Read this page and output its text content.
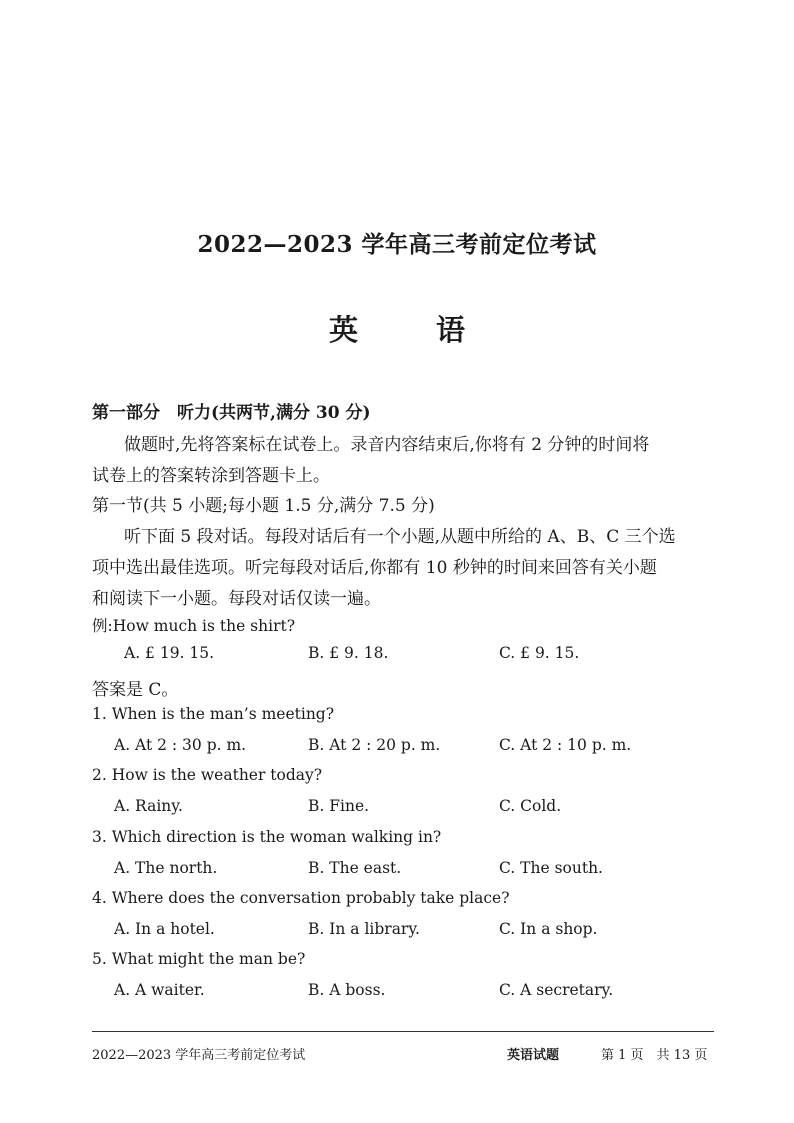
2022—2023 学年高三考前定位考试
英 语
第一部分　听力(共两节,满分 30 分)
做题时,先将答案标在试卷上。录音内容结束后,你将有 2 分钟的时间将
试卷上的答案转涂到答题卡上。
第一节(共 5 小题;每小题 1.5 分,满分 7.5 分)
听下面 5 段对话。每段对话后有一个小题,从题中所给的 A、B、C 三个选
项中选出最佳选项。听完每段对话后,你都有 10 秒钟的时间来回答有关小题
和阅读下一小题。每段对话仅读一遍。
例:How much is the shirt?
A. £ 19. 15.	B. £ 9. 18.	C. £ 9. 15.
答案是 C。
1. When is the man’s meeting?
A. At 2 : 30 p. m.	B. At 2 : 20 p. m.	C. At 2 : 10 p. m.
2. How is the weather today?
A. Rainy.	B. Fine.	C. Cold.
3. Which direction is the woman walking in?
A. The north.	B. The east.	C. The south.
4. Where does the conversation probably take place?
A. In a hotel.	B. In a library.	C. In a shop.
5. What might the man be?
A. A waiter.	B. A boss.	C. A secretary.
2022—2023 学年高三考前定位考试	英语试题	第 1 页　共 13 页
